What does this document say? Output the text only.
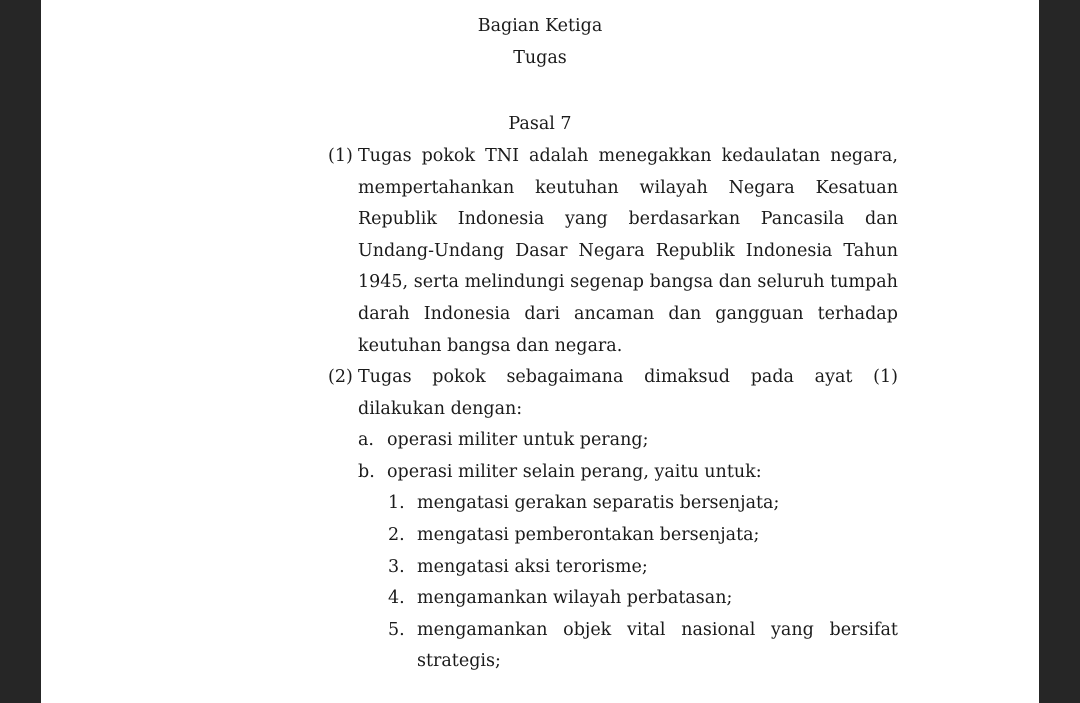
Bagian Ketiga
Tugas
Pasal 7
(1) Tugas pokok TNI adalah menegakkan kedaulatan negara,
mempertahankan keutuhan wilayah Negara Kesatuan
Republik Indonesia yang berdasarkan Pancasila dan
Undang-Undang Dasar Negara Republik Indonesia Tahun
1945, serta melindungi segenap bangsa dan seluruh tumpah
darah Indonesia dari ancaman dan gangguan terhadap
keutuhan bangsa dan negara.
(2) Tugas pokok sebagaimana dimaksud pada ayat (1)
dilakukan dengan:
a. operasi militer untuk perang;
b. operasi militer selain perang, yaitu untuk:
1. mengatasi gerakan separatis bersenjata;
2. mengatasi pemberontakan bersenjata;
3. mengatasi aksi terorisme;
4. mengamankan wilayah perbatasan;
5. mengamankan objek vital nasional yang bersifat
strategis;
